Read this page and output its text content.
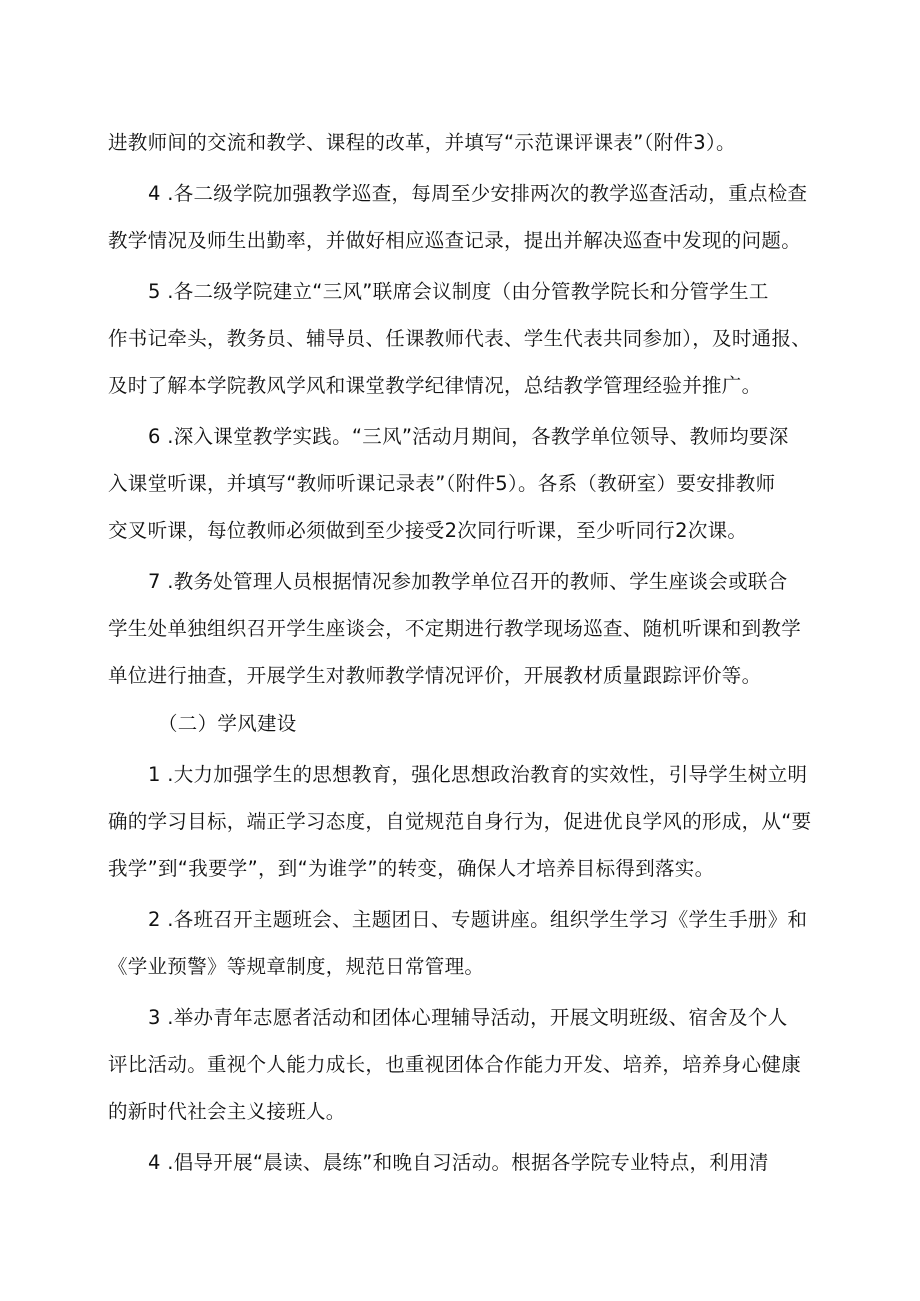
进教师间的交流和教学、课程的改革，并填写“示范课评课表”（附件3）。
4 .各二级学院加强教学巡查，每周至少安排两次的教学巡查活动，重点检查
教学情况及师生出勤率，并做好相应巡查记录，提出并解决巡查中发现的问题。
5 .各二级学院建立“三风”联席会议制度（由分管教学院长和分管学生工
作书记牵头，教务员、辅导员、任课教师代表、学生代表共同参加），及时通报、
及时了解本学院教风学风和课堂教学纪律情况，总结教学管理经验并推广。
6 .深入课堂教学实践。“三风”活动月期间，各教学单位领导、教师均要深
入课堂听课，并填写“教师听课记录表”（附件5）。各系（教研室）要安排教师
交叉听课，每位教师必须做到至少接受2次同行听课，至少听同行2次课。
7 .教务处管理人员根据情况参加教学单位召开的教师、学生座谈会或联合
学生处单独组织召开学生座谈会，不定期进行教学现场巡查、随机听课和到教学
单位进行抽查，开展学生对教师教学情况评价，开展教材质量跟踪评价等。
（二）学风建设
1 .大力加强学生的思想教育，强化思想政治教育的实效性，引导学生树立明
确的学习目标，端正学习态度，自觉规范自身行为，促进优良学风的形成，从“要
我学”到“我要学”，到“为谁学”的转变，确保人才培养目标得到落实。
2 .各班召开主题班会、主题团日、专题讲座。组织学生学习《学生手册》和
《学业预警》等规章制度，规范日常管理。
3 .举办青年志愿者活动和团体心理辅导活动，开展文明班级、宿舍及个人
评比活动。重视个人能力成长，也重视团体合作能力开发、培养，培养身心健康
的新时代社会主义接班人。
4 .倡导开展“晨读、晨练”和晚自习活动。根据各学院专业特点，利用清
